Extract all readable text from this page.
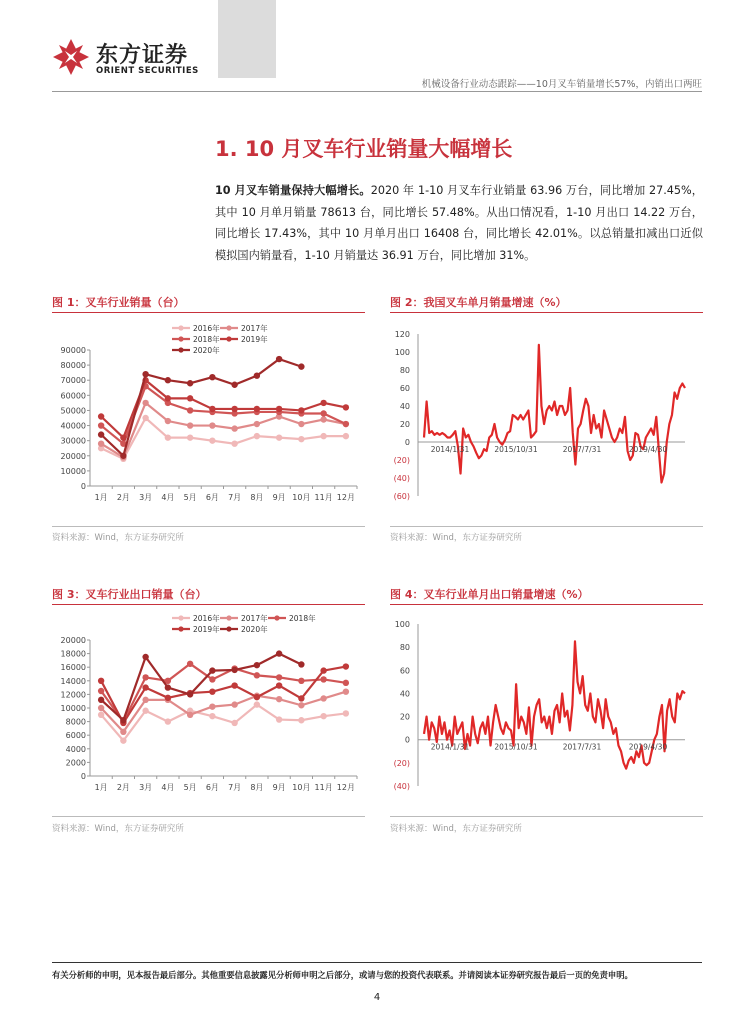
东方证券
ORIENT SECURITIES
机械设备行业动态跟踪——10月叉车销量增长57%，内销出口两旺
1. 10 月叉车行业销量大幅增长
10 月叉车销量保持大幅增长。2020 年 1-10 月叉车行业销量 63.96 万台，同比增加 27.45%，其中 10 月单月销量 78613 台，同比增长 57.48%。从出口情况看，1-10 月出口 14.22 万台，同比增长 17.43%，其中 10 月单月出口 16408 台，同比增长 42.01%。以总销量扣减出口近似模拟国内销量看，1-10 月销量达 36.91 万台，同比增加 31%。
图 1：叉车行业销量（台）
0
10000
20000
30000
40000
50000
60000
70000
80000
90000
1月 2月 3月 4月 5月 6月 7月 8月 9月 10月 11月 12月
2016年	2017年
2018年	2019年
2020年
资料来源：Wind，东方证券研究所
图 2：我国叉车单月销量增速（%）
(60)
(40)
(20)
0
20
40
60
80
100
120
2014/1/31	2015/10/31	2017/7/31	2019/4/30
资料来源：Wind，东方证券研究所
图 3：叉车行业出口销量（台）
0
2000
4000
6000
8000
10000
12000
14000
16000
18000
20000
1月 2月 3月 4月 5月 6月 7月 8月 9月 10月 11月 12月
2016年	2017年	2018年
2019年	2020年
资料来源：Wind，东方证券研究所
图 4：叉车行业单月出口销量增速（%）
(40)
(20)
0
20
40
60
80
100
2014/1/31	2015/10/31	2017/7/31	2019/4/30
资料来源：Wind，东方证券研究所
有关分析师的申明，见本报告最后部分。其他重要信息披露见分析师申明之后部分，或请与您的投资代表联系。并请阅读本证券研究报告最后一页的免责申明。
4
